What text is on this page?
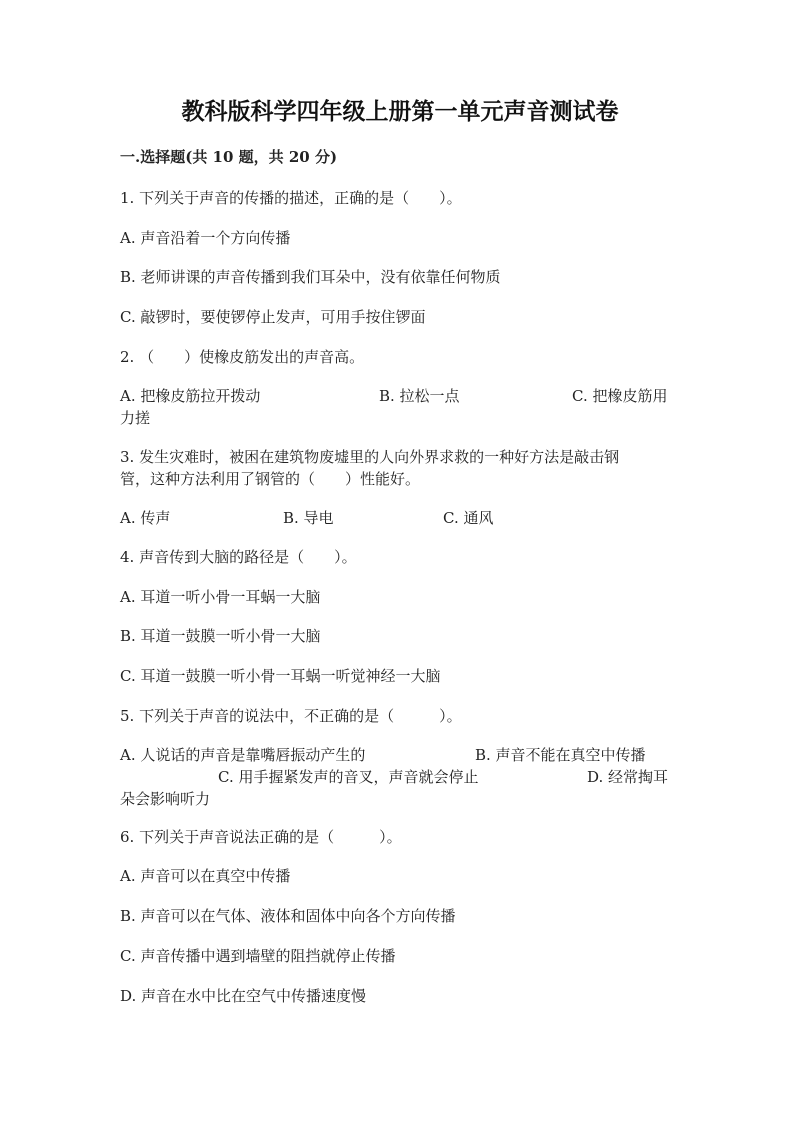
教科版科学四年级上册第一单元声音测试卷
一.选择题(共 10 题，共 20 分)
1. 下列关于声音的传播的描述，正确的是（　　）。
A. 声音沿着一个方向传播
B. 老师讲课的声音传播到我们耳朵中，没有依靠任何物质
C. 敲锣时，要使锣停止发声，可用手按住锣面
2. （　　）使橡皮筋发出的声音高。
A. 把橡皮筋拉开拨动	B. 拉松一点	C. 把橡皮筋用
力搓
3. 发生灾难时，被困在建筑物废墟里的人向外界求救的一种好方法是敲击钢
管，这种方法利用了钢管的（　　）性能好。
A. 传声	B. 导电	C. 通风
4. 声音传到大脑的路径是（　　）。
A. 耳道一听小骨一耳蜗一大脑
B. 耳道一鼓膜一听小骨一大脑
C. 耳道一鼓膜一听小骨一耳蜗一听觉神经一大脑
5. 下列关于声音的说法中，不正确的是（　　　）。
A. 人说话的声音是靠嘴唇振动产生的	B. 声音不能在真空中传播
C. 用手握紧发声的音叉，声音就会停止	D. 经常掏耳
朵会影响听力
6. 下列关于声音说法正确的是（　　　）。
A. 声音可以在真空中传播
B. 声音可以在气体、液体和固体中向各个方向传播
C. 声音传播中遇到墙壁的阻挡就停止传播
D. 声音在水中比在空气中传播速度慢
